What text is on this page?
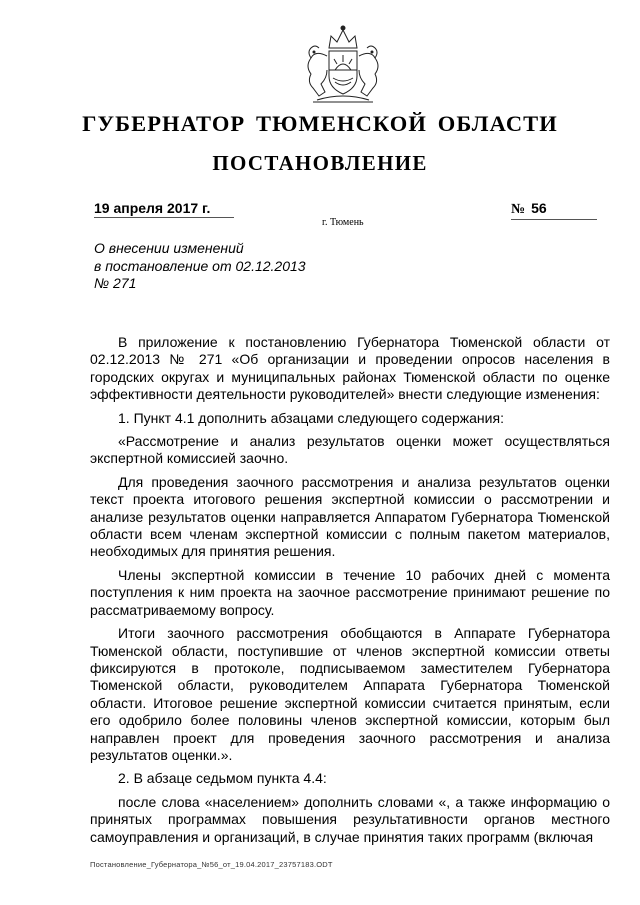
ГУБЕРНАТОР ТЮМЕНСКОЙ ОБЛАСТИ
ПОСТАНОВЛЕНИЕ
19 апреля 2017 г.
г. Тюмень
№ 56
О внесении изменений
в постановление от 02.12.2013
№ 271

В приложение к постановлению Губернатора Тюменской области от 02.12.2013 № 271 «Об организации и проведении опросов населения в городских округах и муниципальных районах Тюменской области по оценке эффективности деятельности руководителей» внести следующие изменения:

1. Пункт 4.1 дополнить абзацами следующего содержания:

«Рассмотрение и анализ результатов оценки может осуществляться экспертной комиссией заочно.

Для проведения заочного рассмотрения и анализа результатов оценки текст проекта итогового решения экспертной комиссии о рассмотрении и анализе результатов оценки направляется Аппаратом Губернатора Тюменской области всем членам экспертной комиссии с полным пакетом материалов, необходимых для принятия решения.

Члены экспертной комиссии в течение 10 рабочих дней с момента поступления к ним проекта на заочное рассмотрение принимают решение по рассматриваемому вопросу.

Итоги заочного рассмотрения обобщаются в Аппарате Губернатора Тюменской области, поступившие от членов экспертной комиссии ответы фиксируются в протоколе, подписываемом заместителем Губернатора Тюменской области, руководителем Аппарата Губернатора Тюменской области. Итоговое решение экспертной комиссии считается принятым, если его одобрило более половины членов экспертной комиссии, которым был направлен проект для проведения заочного рассмотрения и анализа результатов оценки.».

2. В абзаце седьмом пункта 4.4:

после слова «населением» дополнить словами «, а также информацию о принятых программах повышения результативности органов местного самоуправления и организаций, в случае принятия таких программ (включая

Постановление_Губернатора_№56_от_19.04.2017_23757183.ODT
